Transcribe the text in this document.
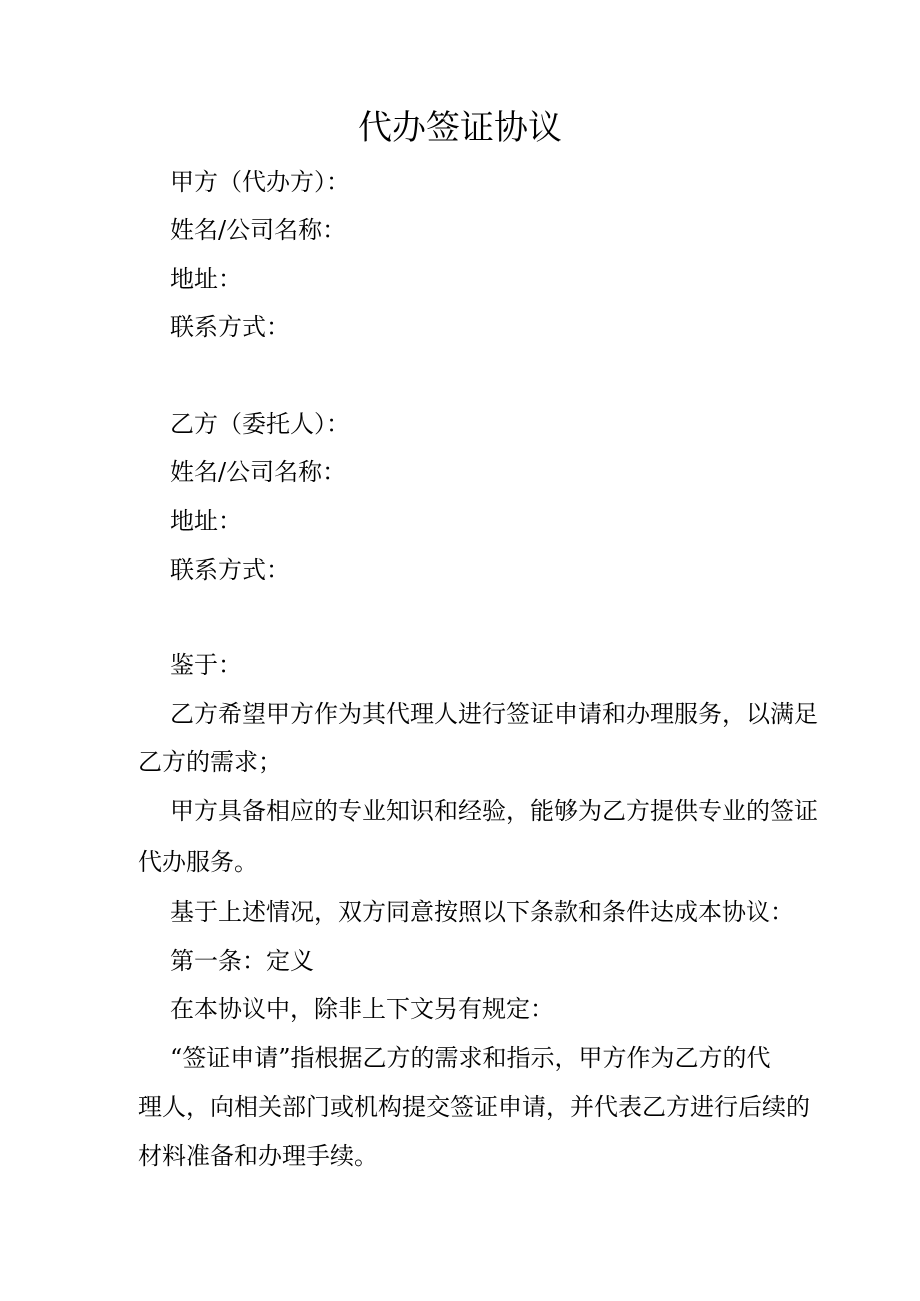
代办签证协议
甲方（代办方）：
姓名/公司名称：
地址：
联系方式：
乙方（委托人）：
姓名/公司名称：
地址：
联系方式：
鉴于：
乙方希望甲方作为其代理人进行签证申请和办理服务，以满足
乙方的需求；
甲方具备相应的专业知识和经验，能够为乙方提供专业的签证
代办服务。
基于上述情况，双方同意按照以下条款和条件达成本协议：
第一条：定义
在本协议中，除非上下文另有规定：
“签证申请”指根据乙方的需求和指示，甲方作为乙方的代
理人，向相关部门或机构提交签证申请，并代表乙方进行后续的
材料准备和办理手续。
